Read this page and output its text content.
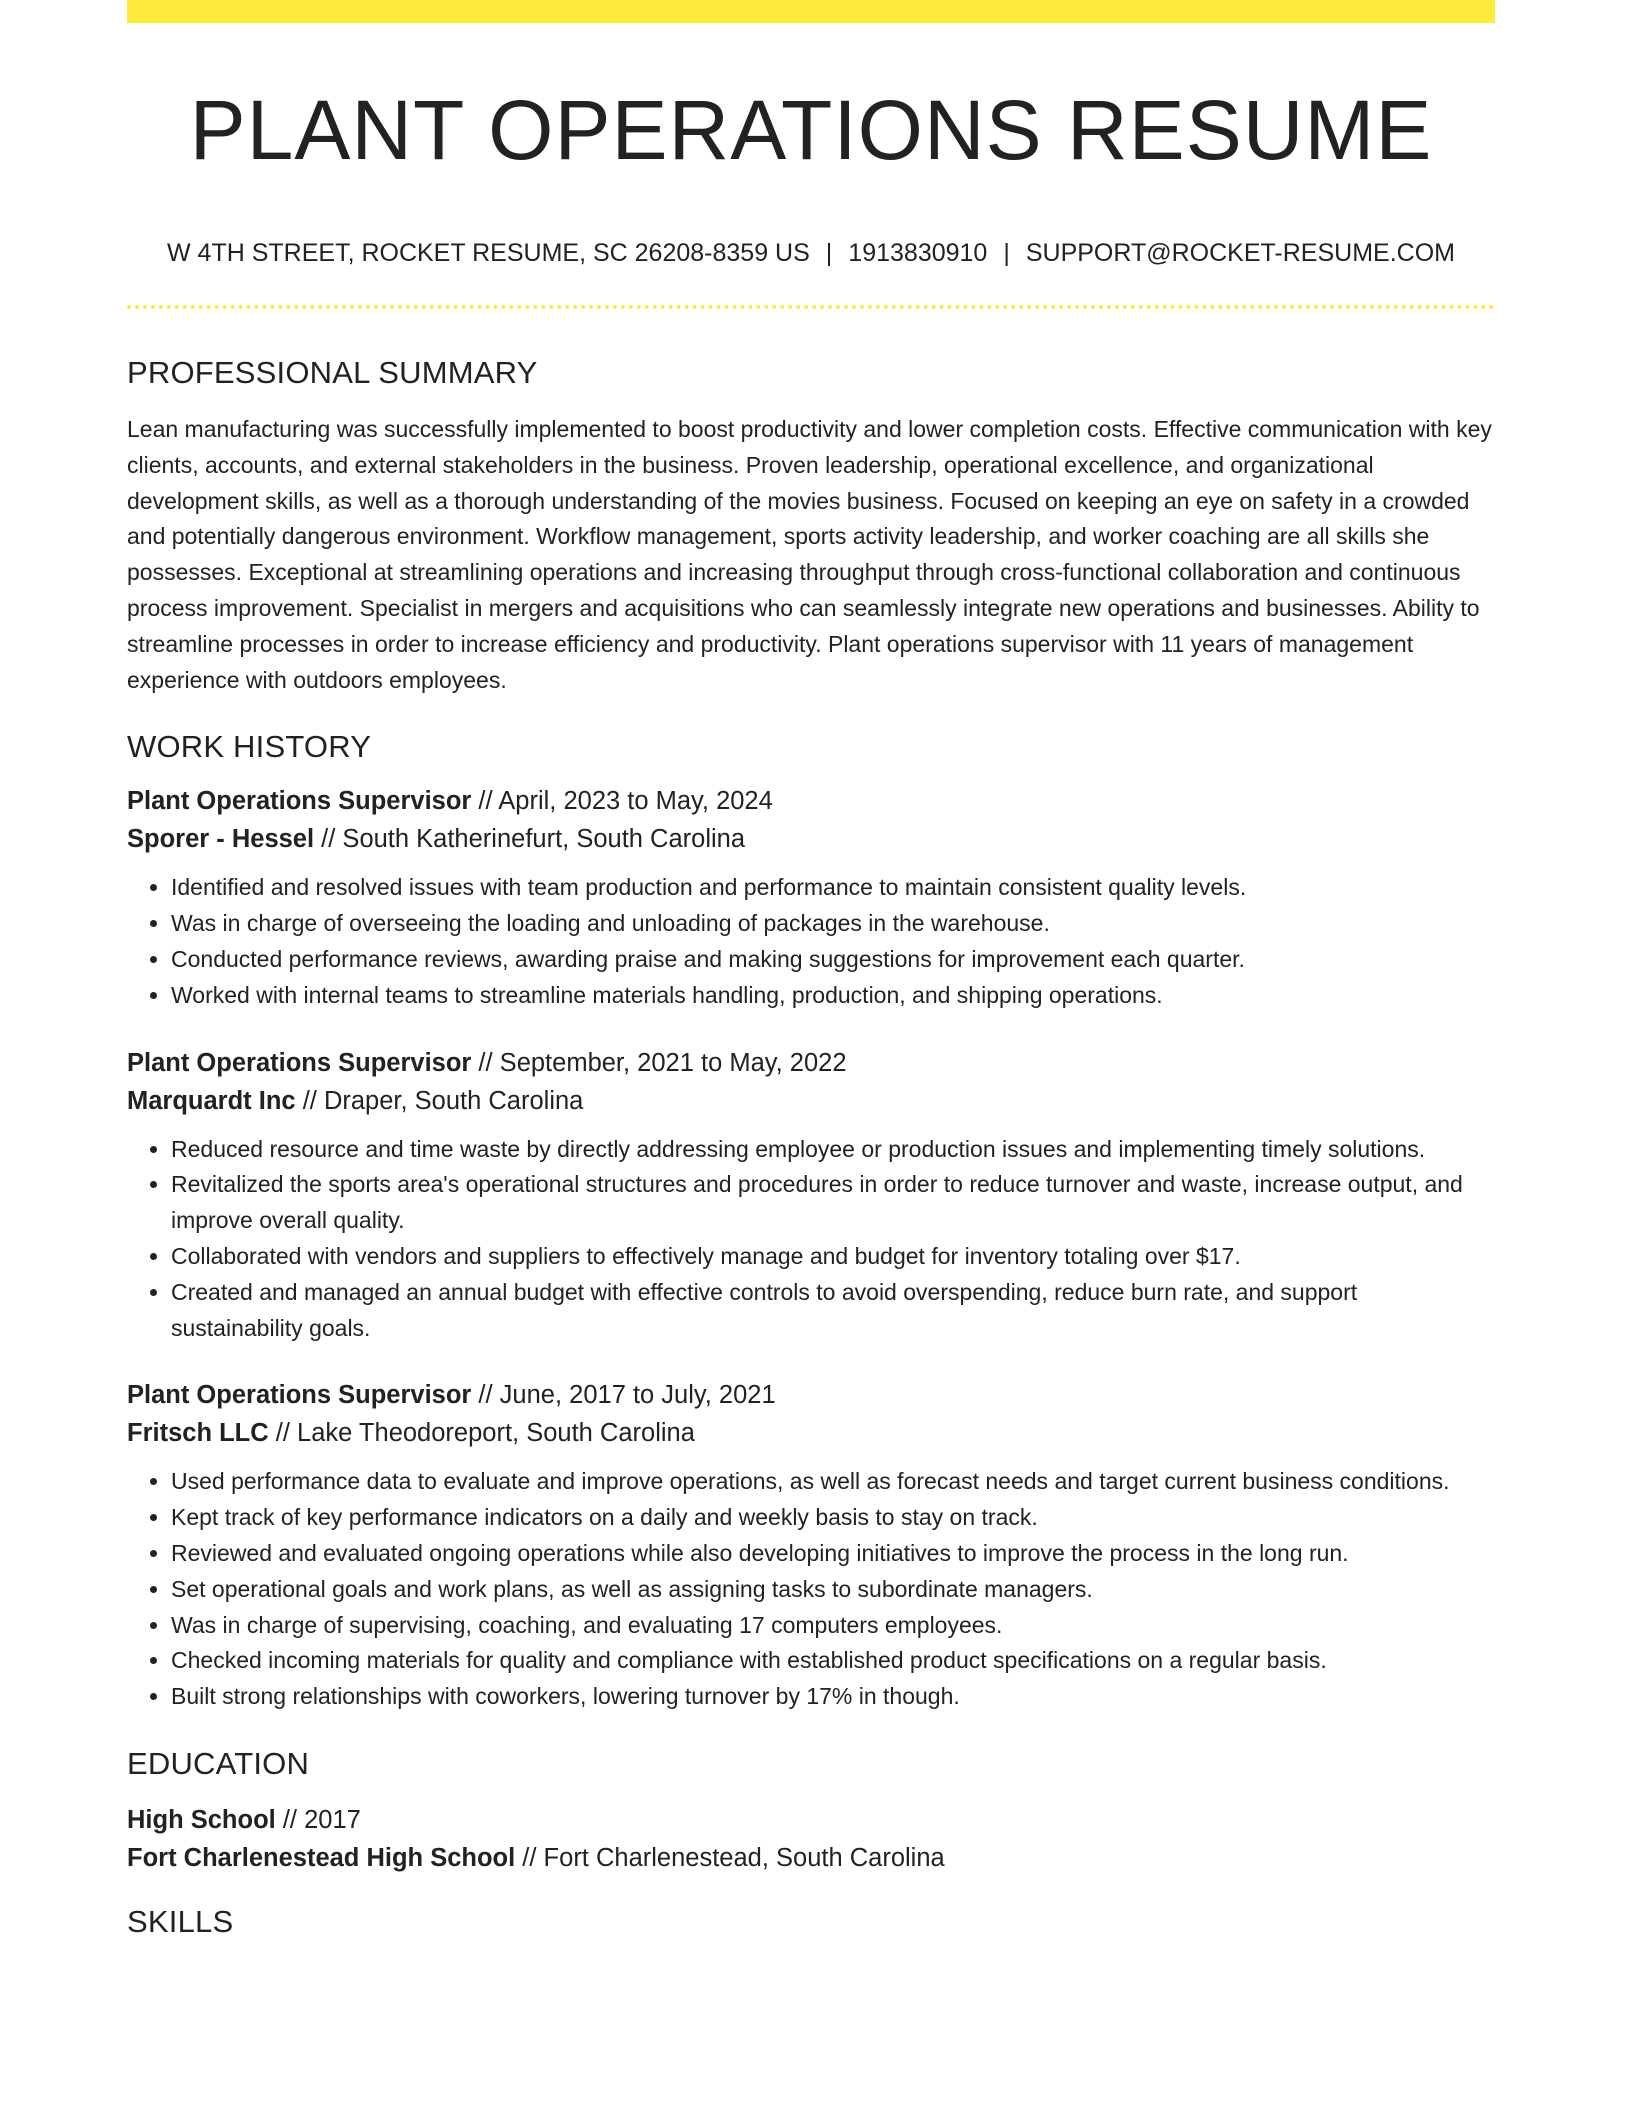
PLANT OPERATIONS RESUME
W 4TH STREET, ROCKET RESUME, SC 26208-8359 US | 1913830910 | SUPPORT@ROCKET-RESUME.COM
PROFESSIONAL SUMMARY

Lean manufacturing was successfully implemented to boost productivity and lower completion costs. Effective communication with key clients, accounts, and external stakeholders in the business. Proven leadership, operational excellence, and organizational development skills, as well as a thorough understanding of the movies business. Focused on keeping an eye on safety in a crowded and potentially dangerous environment. Workflow management, sports activity leadership, and worker coaching are all skills she possesses. Exceptional at streamlining operations and increasing throughput through cross-functional collaboration and continuous process improvement. Specialist in mergers and acquisitions who can seamlessly integrate new operations and businesses. Ability to streamline processes in order to increase efficiency and productivity. Plant operations supervisor with 11 years of management experience with outdoors employees.

WORK HISTORY
Plant Operations Supervisor // April, 2023 to May, 2024
Sporer - Hessel // South Katherinefurt, South Carolina
• Identified and resolved issues with team production and performance to maintain consistent quality levels.
• Was in charge of overseeing the loading and unloading of packages in the warehouse.
• Conducted performance reviews, awarding praise and making suggestions for improvement each quarter.
• Worked with internal teams to streamline materials handling, production, and shipping operations.
Plant Operations Supervisor // September, 2021 to May, 2022
Marquardt Inc // Draper, South Carolina
• Reduced resource and time waste by directly addressing employee or production issues and implementing timely solutions.
• Revitalized the sports area's operational structures and procedures in order to reduce turnover and waste, increase output, and improve overall quality.
• Collaborated with vendors and suppliers to effectively manage and budget for inventory totaling over $17.
• Created and managed an annual budget with effective controls to avoid overspending, reduce burn rate, and support sustainability goals.
Plant Operations Supervisor // June, 2017 to July, 2021
Fritsch LLC // Lake Theodoreport, South Carolina
• Used performance data to evaluate and improve operations, as well as forecast needs and target current business conditions.
• Kept track of key performance indicators on a daily and weekly basis to stay on track.
• Reviewed and evaluated ongoing operations while also developing initiatives to improve the process in the long run.
• Set operational goals and work plans, as well as assigning tasks to subordinate managers.
• Was in charge of supervising, coaching, and evaluating 17 computers employees.
• Checked incoming materials for quality and compliance with established product specifications on a regular basis.
• Built strong relationships with coworkers, lowering turnover by 17% in though.
EDUCATION
High School // 2017
Fort Charlenestead High School // Fort Charlenestead, South Carolina
SKILLS
